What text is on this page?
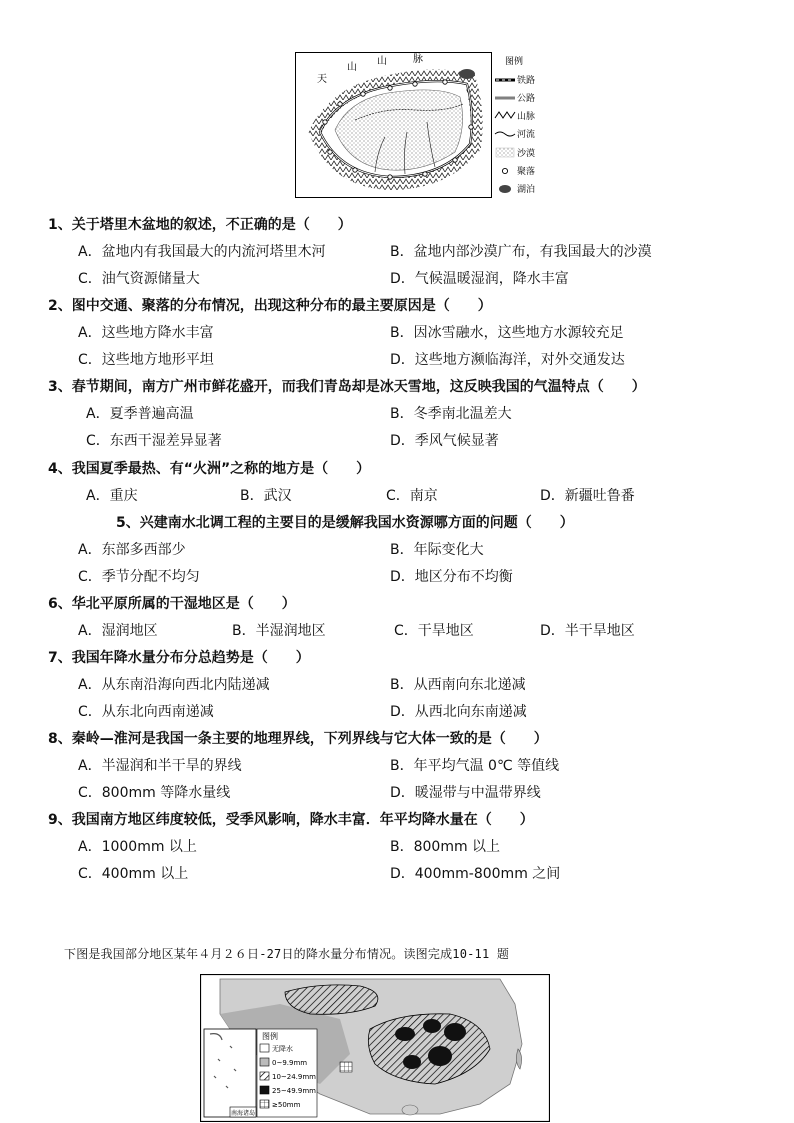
天
山
山	脉	图例
铁路
公路
山脉
河流
沙漠
聚落
湖泊
1、关于塔里木盆地的叙述，不正确的是（　　）
A．盆地内有我国最大的内流河塔里木河	B．盆地内部沙漠广布，有我国最大的沙漠
C．油气资源储量大	D．气候温暖湿润，降水丰富
2、图中交通、聚落的分布情况，出现这种分布的最主要原因是（　　）
A．这些地方降水丰富	B．因冰雪融水，这些地方水源较充足
C．这些地方地形平坦	D．这些地方濒临海洋，对外交通发达
3、春节期间，南方广州市鲜花盛开，而我们青岛却是冰天雪地，这反映我国的气温特点（　　）
A．夏季普遍高温	B．冬季南北温差大
C．东西干湿差异显著	D．季风气候显著
4、我国夏季最热、有“火洲”之称的地方是（　　）
A．重庆	B．武汉	C．南京	D．新疆吐鲁番
5、兴建南水北调工程的主要目的是缓解我国水资源哪方面的问题（　　）
A．东部多西部少	B．年际变化大
C．季节分配不均匀	D．地区分布不均衡
6、华北平原所属的干湿地区是（　　）
A．湿润地区	B．半湿润地区	C．干旱地区	D．半干旱地区
7、我国年降水量分布分总趋势是（　　）
A．从东南沿海向西北内陆递减	B．从西南向东北递减
C．从东北向西南递减	D．从西北向东南递减
8、秦岭—淮河是我国一条主要的地理界线，下列界线与它大体一致的是（　　）
A．半湿润和半干旱的界线	B．年平均气温 0℃ 等值线
C．800mm 等降水量线	D．暖湿带与中温带界线
9、我国南方地区纬度较低，受季风影响，降水丰富．年平均降水量在（　　）
A．1000mm 以上	B．800mm 以上
C．400mm 以上	D．400mm-800mm 之间
下图是我国部分地区某年４月２６日-27日的降水量分布情况。读图完成10-11 题
南海诸岛
图例
无降水
0~9.9mm
10~24.9mm
25~49.9mm
≥50mm
